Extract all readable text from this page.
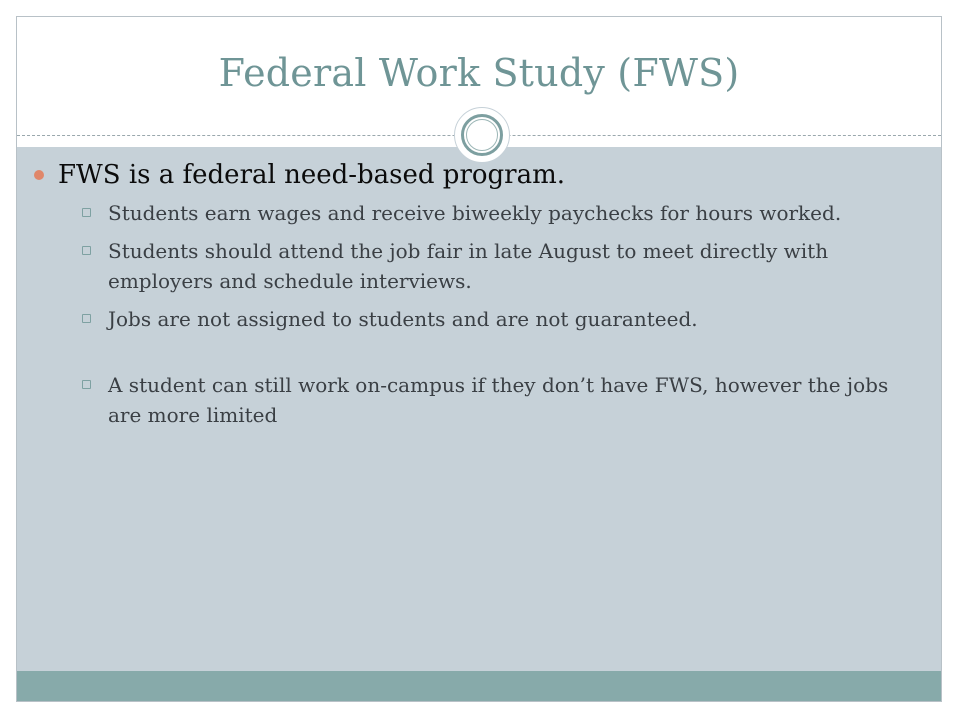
Federal Work Study (FWS)
FWS is a federal need-based program.
Students earn wages and receive biweekly paychecks for hours worked.
Students should attend the job fair in late August to meet directly with employers and schedule interviews.
Jobs are not assigned to students and are not guaranteed.
A student can still work on-campus if they don’t have FWS, however the jobs are more limited
